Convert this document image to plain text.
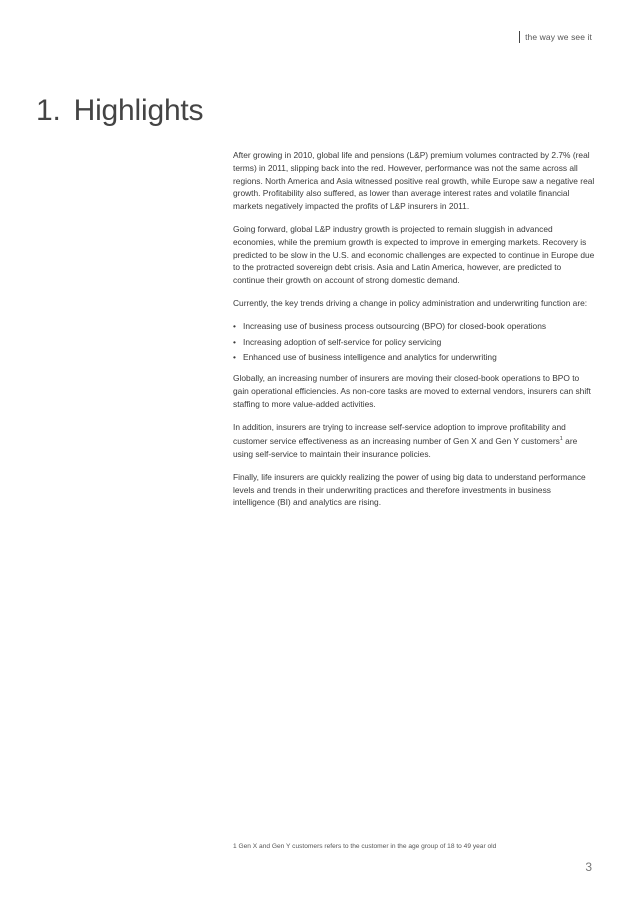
the way we see it
1. Highlights

After growing in 2010, global life and pensions (L&P) premium volumes contracted by 2.7% (real terms) in 2011, slipping back into the red. However, performance was not the same across all regions. North America and Asia witnessed positive real growth, while Europe saw a negative real growth. Profitability also suffered, as lower than average interest rates and volatile financial markets negatively impacted the profits of L&P insurers in 2011.

Going forward, global L&P industry growth is projected to remain sluggish in advanced economies, while the premium growth is expected to improve in emerging markets. Recovery is predicted to be slow in the U.S. and economic challenges are expected to continue in Europe due to the protracted sovereign debt crisis. Asia and Latin America, however, are predicted to continue their growth on account of strong domestic demand.

Currently, the key trends driving a change in policy administration and underwriting function are:

• Increasing use of business process outsourcing (BPO) for closed-book operations
• Increasing adoption of self-service for policy servicing
• Enhanced use of business intelligence and analytics for underwriting

Globally, an increasing number of insurers are moving their closed-book operations to BPO to gain operational efficiencies. As non-core tasks are moved to external vendors, insurers can shift staffing to more value-added activities.

In addition, insurers are trying to increase self-service adoption to improve profitability and customer service effectiveness as an increasing number of Gen X and Gen Y customers$^1$ are using self-service to maintain their insurance policies.

Finally, life insurers are quickly realizing the power of using big data to understand performance levels and trends in their underwriting practices and therefore investments in business intelligence (BI) and analytics are rising.

1 Gen X and Gen Y customers refers to the customer in the age group of 18 to 49 year old
3
